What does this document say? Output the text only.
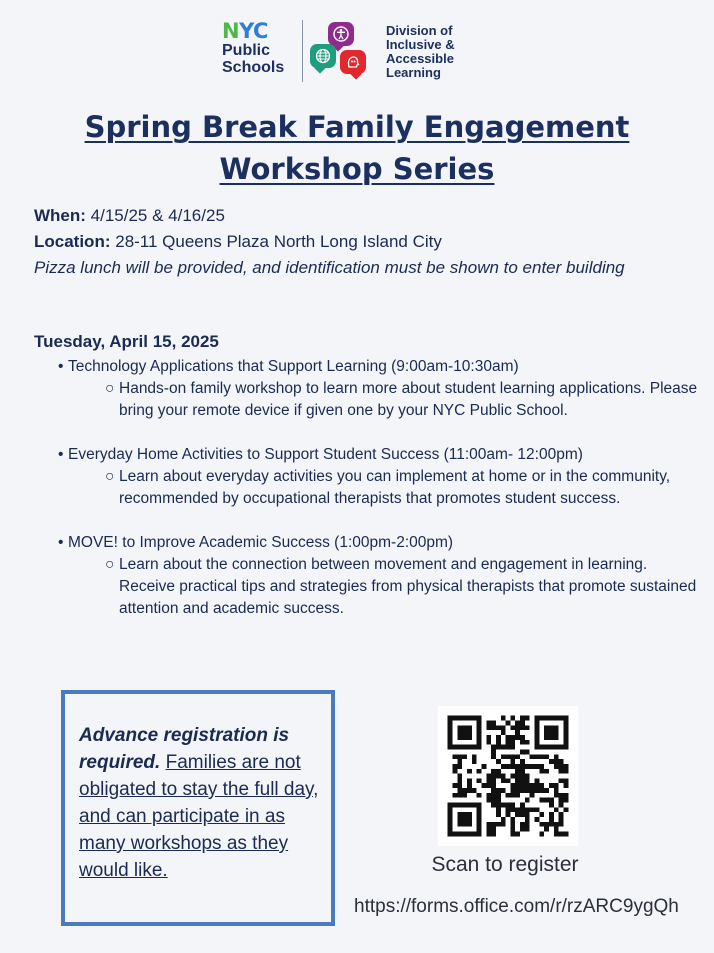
NYC
Public
Schools
Division of
Inclusive &
Accessible
Learning
Spring Break Family Engagement
Workshop Series
When: 4/15/25 & 4/16/25
Location: 28-11 Queens Plaza North Long Island City
Pizza lunch will be provided, and identification must be shown to enter building
Tuesday, April 15, 2025
• Technology Applications that Support Learning (9:00am-10:30am)
○ Hands-on family workshop to learn more about student learning applications. Please bring your remote device if given one by your NYC Public School.
• Everyday Home Activities to Support Student Success (11:00am- 12:00pm)
○ Learn about everyday activities you can implement at home or in the community, recommended by occupational therapists that promotes student success.
• MOVE! to Improve Academic Success (1:00pm-2:00pm)
○ Learn about the connection between movement and engagement in learning. Receive practical tips and strategies from physical therapists that promote sustained attention and academic success.
Advance registration is required. Families are not obligated to stay the full day, and can participate in as many workshops as they would like.	Scan to register
https://forms.office.com/r/rzARC9ygQh
